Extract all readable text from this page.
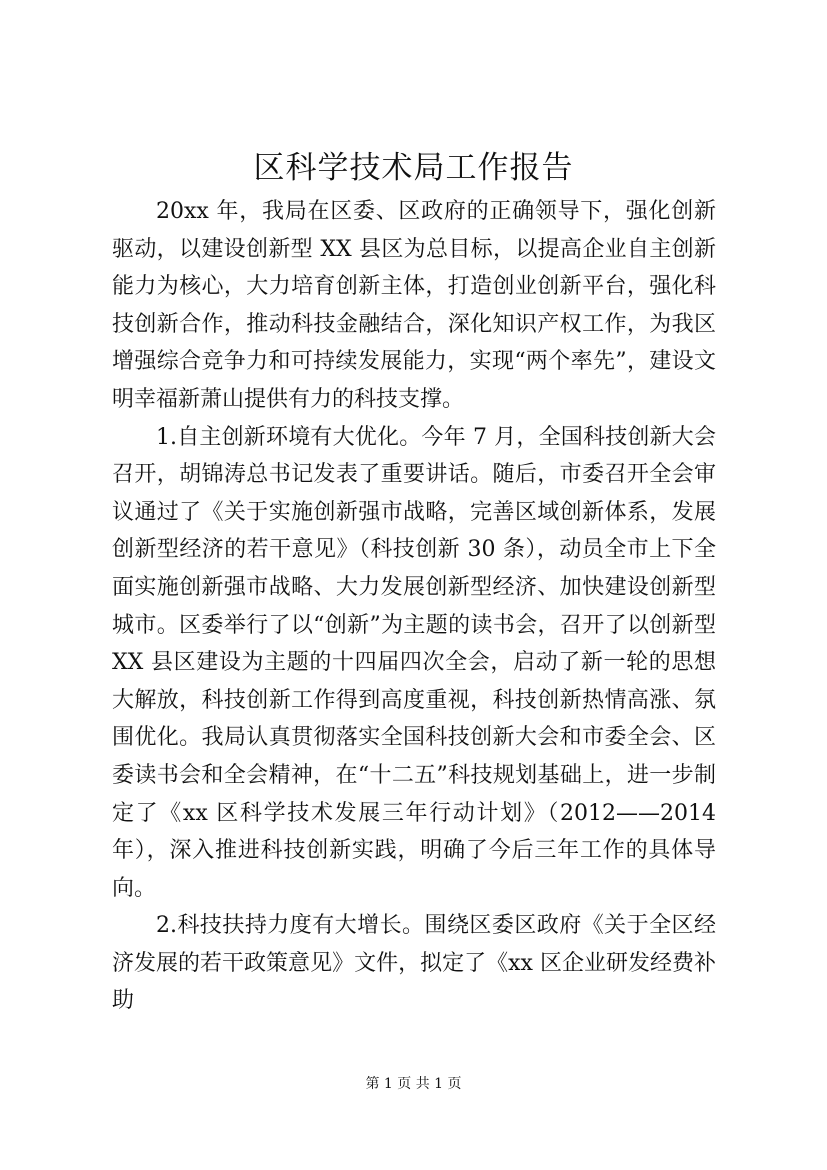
区科学技术局工作报告

20xx 年，我局在区委、区政府的正确领导下，强化创新驱动，以建设创新型 XX 县区为总目标，以提高企业自主创新能力为核心，大力培育创新主体，打造创业创新平台，强化科技创新合作，推动科技金融结合，深化知识产权工作，为我区增强综合竞争力和可持续发展能力，实现“两个率先”，建设文明幸福新萧山提供有力的科技支撑。

1.自主创新环境有大优化。今年 7 月，全国科技创新大会召开，胡锦涛总书记发表了重要讲话。随后，市委召开全会审议通过了《关于实施创新强市战略，完善区域创新体系，发展创新型经济的若干意见》（科技创新 30 条），动员全市上下全面实施创新强市战略、大力发展创新型经济、加快建设创新型城市。区委举行了以“创新”为主题的读书会，召开了以创新型 XX 县区建设为主题的十四届四次全会，启动了新一轮的思想大解放，科技创新工作得到高度重视，科技创新热情高涨、氛围优化。我局认真贯彻落实全国科技创新大会和市委全会、区委读书会和全会精神，在“十二五”科技规划基础上，进一步制定了《xx 区科学技术发展三年行动计划》（2012——2014 年），深入推进科技创新实践，明确了今后三年工作的具体导向。

2.科技扶持力度有大增长。围绕区委区政府《关于全区经济发展的若干政策意见》文件，拟定了《xx 区企业研发经费补助

第 1 页 共 1 页
